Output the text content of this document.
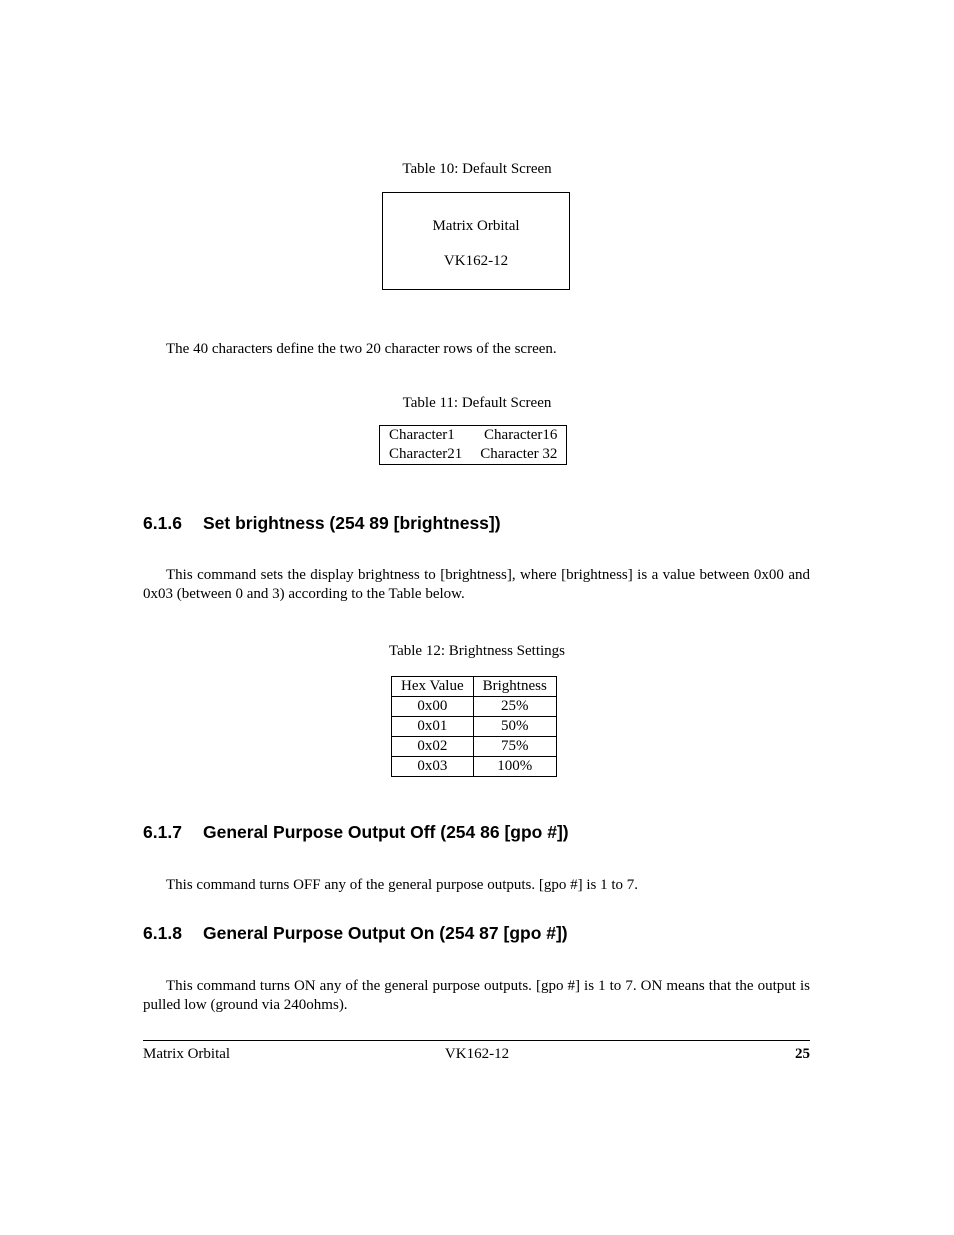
Table 10: Default Screen
Matrix Orbital
VK162-12
The 40 characters define the two 20 character rows of the screen.
Table 11: Default Screen
Character1	Character16
Character21	Character 32
6.1.6 Set brightness (254 89 [brightness])
This command sets the display brightness to [brightness], where [brightness] is a value between 0x00 and 0x03 (between 0 and 3) according to the Table below.
Table 12: Brightness Settings
Hex Value	Brightness
0x00	25%
0x01	50%
0x02	75%
0x03	100%
6.1.7 General Purpose Output Off (254 86 [gpo #])
This command turns OFF any of the general purpose outputs. [gpo #] is 1 to 7.
6.1.8 General Purpose Output On (254 87 [gpo #])
This command turns ON any of the general purpose outputs. [gpo #] is 1 to 7. ON means that the output is pulled low (ground via 240ohms).
Matrix Orbital	VK162-12	25
